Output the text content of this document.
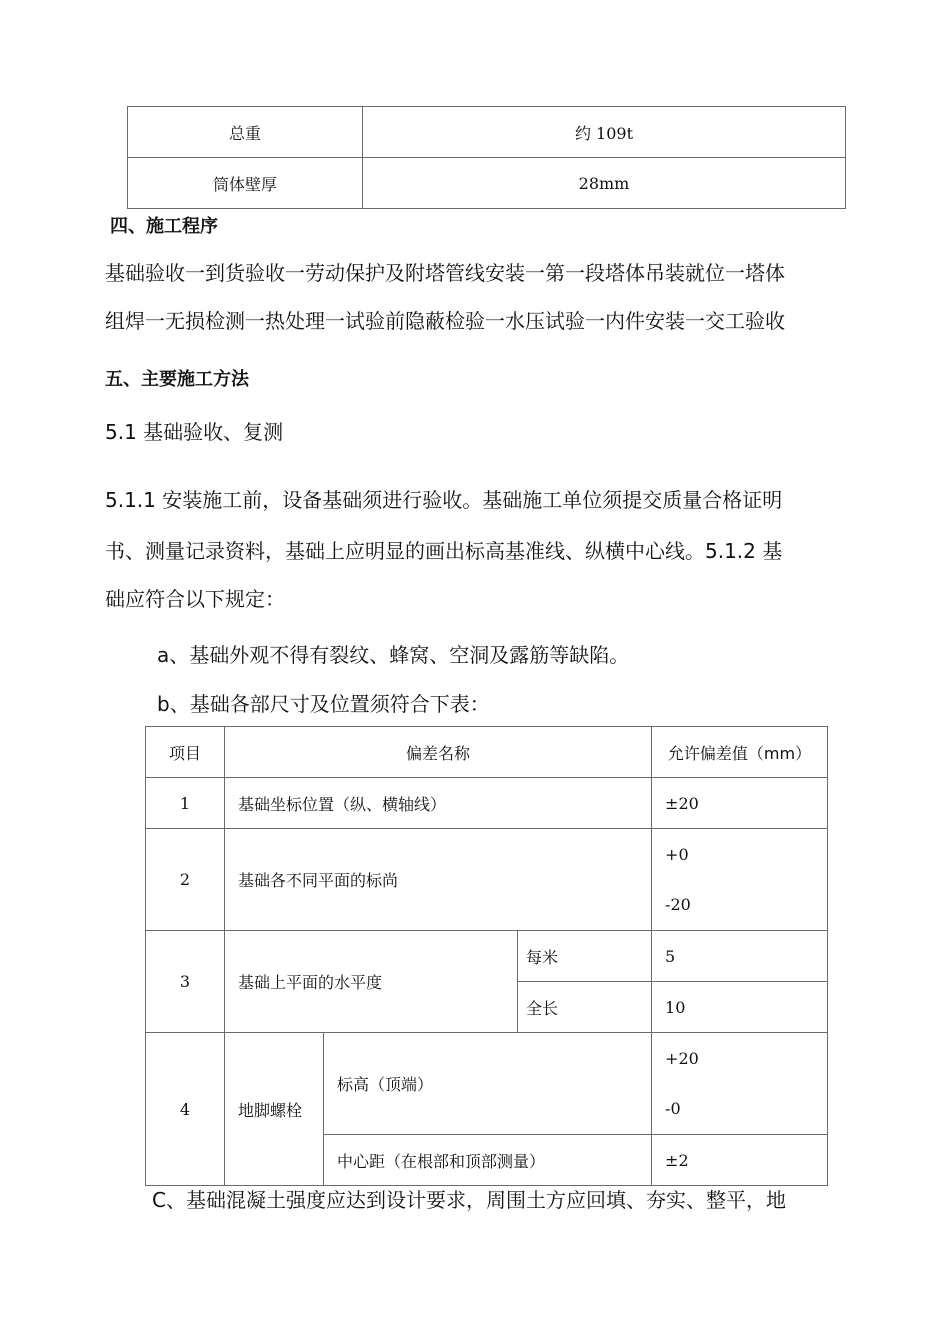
总重	约 109t
筒体壁厚	28mm
四、施工程序
基础验收一到货验收一劳动保护及附塔管线安装一第一段塔体吊装就位一塔体
组焊一无损检测一热处理一试验前隐蔽检验一水压试验一内件安装一交工验收
五、主要施工方法
5.1 基础验收、复测
5.1.1 安装施工前，设备基础须进行验收。基础施工单位须提交质量合格证明
书、测量记录资料，基础上应明显的画出标高基准线、纵横中心线。5.1.2 基
础应符合以下规定：
a、基础外观不得有裂纹、蜂窝、空洞及露筋等缺陷。
b、基础各部尺寸及位置须符合下表：
项目	偏差名称			允许偏差值（mm）
1	基础坐标位置（纵、横轴线）			±20
2	基础各不同平面的标尚			+0
-20

3	基础上平面的水平度		每米	5
			全长	10
4	地脚螺栓	标高（顶端）		+20
-0

		中心距（在根部和顶部测量）		±2
C、基础混凝土强度应达到设计要求，周围土方应回填、夯实、整平，地
